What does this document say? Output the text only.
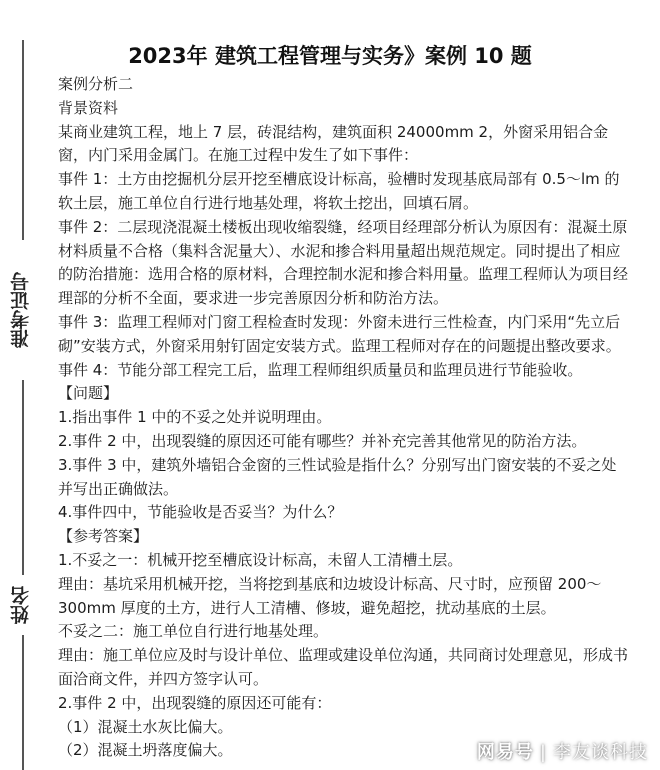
准考证号
姓名
2023年 建筑工程管理与实务》案例 10 题

案例分析二

背景资料

某商业建筑工程，地上 7 层，砖混结构，建筑面积 24000mm 2，外窗采用铝合金窗，内门采用金属门。在施工过程中发生了如下事件：

事件 1：土方由挖掘机分层开挖至槽底设计标高，验槽时发现基底局部有 0.5～lm 的软土层，施工单位自行进行地基处理，将软土挖出，回填石屑。

事件 2：二层现浇混凝土楼板出现收缩裂缝，经项目经理部分析认为原因有：混凝土原材料质量不合格（集料含泥量大）、水泥和掺合料用量超出规范规定。同时提出了相应的防治措施：选用合格的原材料，合理控制水泥和掺合料用量。监理工程师认为项目经理部的分析不全面，要求进一步完善原因分析和防治方法。

事件 3：监理工程师对门窗工程检查时发现：外窗未进行三性检查，内门采用“先立后砌”安装方式，外窗采用射钉固定安装方式。监理工程师对存在的问题提出整改要求。

事件 4：节能分部工程完工后，监理工程师组织质量员和监理员进行节能验收。

【问题】

1.指出事件 1 中的不妥之处并说明理由。

2.事件 2 中，出现裂缝的原因还可能有哪些？并补充完善其他常见的防治方法。

3.事件 3 中，建筑外墙铝合金窗的三性试验是指什么？分别写出门窗安装的不妥之处并写出正确做法。

4.事件四中，节能验收是否妥当？为什么？

【参考答案】

1.不妥之一：机械开挖至槽底设计标高，未留人工清槽土层。

理由：基坑采用机械开挖，当将挖到基底和边坡设计标高、尺寸时，应预留 200～300mm 厚度的土方，进行人工清槽、修坡，避免超挖，扰动基底的土层。

不妥之二：施工单位自行进行地基处理。

理由：施工单位应及时与设计单位、监理或建设单位沟通，共同商讨处理意见，形成书面洽商文件，并四方签字认可。

2.事件 2 中，出现裂缝的原因还可能有：

（1）混凝土水灰比偏大。

（2）混凝土坍落度偏大。	网易号 | 李友谈科技
